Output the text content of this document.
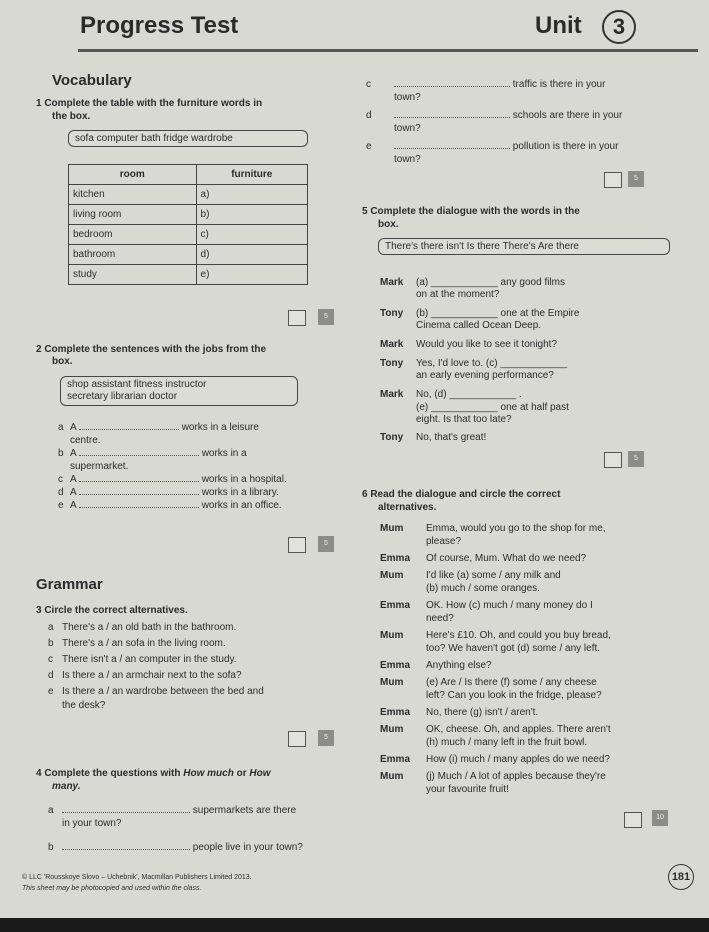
Progress Test	Unit	3
Vocabulary
1 Complete the table with the furniture words in
the box.
sofa computer bath fridge wardrobe
room	furniture
kitchen	a)
living room	b)
bedroom	c)
bathroom	d)
study	e)
5
2 Complete the sentences with the jobs from the
box.
shop assistant fitness instructor
secretary librarian doctor
a A	works in a leisure
centre.
b A	works in a
supermarket.
c A	works in a hospital.
d A	works in a library.
e A	works in an office.
5
Grammar
3 Circle the correct alternatives.
a There's a / an old bath in the bathroom.
b There's a / an sofa in the living room.
c There isn't a / an computer in the study.
d Is there a / an armchair next to the sofa?
e Is there a / an wardrobe between the bed and
the desk?
5
4 Complete the questions with How much or How
many.
a	supermarkets are there
in your town?
b	people live in your town?
c	traffic is there in your
town?
d	schools are there in your
town?
e	pollution is there in your
town?
5
5 Complete the dialogue with the words in the
box.
There's there isn't Is there There's Are there
Mark (a) ____________ any good films
on at the moment?
Tony (b) ____________ one at the Empire
Cinema called Ocean Deep.
Mark Would you like to see it tonight?
Tony Yes, I'd love to. (c) ____________
an early evening performance?
Mark No, (d) ____________ .
(e) ____________ one at half past
eight. Is that too late?
Tony No, that's great!
5
6 Read the dialogue and circle the correct
alternatives.
Mum Emma, would you go to the shop for me,
please?
Emma Of course, Mum. What do we need?
Mum I'd like (a) some / any milk and
(b) much / some oranges.
Emma OK. How (c) much / many money do I
need?
Mum Here's £10. Oh, and could you buy bread,
too? We haven't got (d) some / any left.
Emma Anything else?
Mum (e) Are / Is there (f) some / any cheese
left? Can you look in the fridge, please?
Emma No, there (g) isn't / aren't.
Mum OK, cheese. Oh, and apples. There aren't
(h) much / many left in the fruit bowl.
Emma How (i) much / many apples do we need?
Mum (j) Much / A lot of apples because they're
your favourite fruit!
10
© LLC 'Rousskoye Slovo – Uchebnik', Macmillan Publishers Limited 2013.
This sheet may be photocopied and used within the class.
181
